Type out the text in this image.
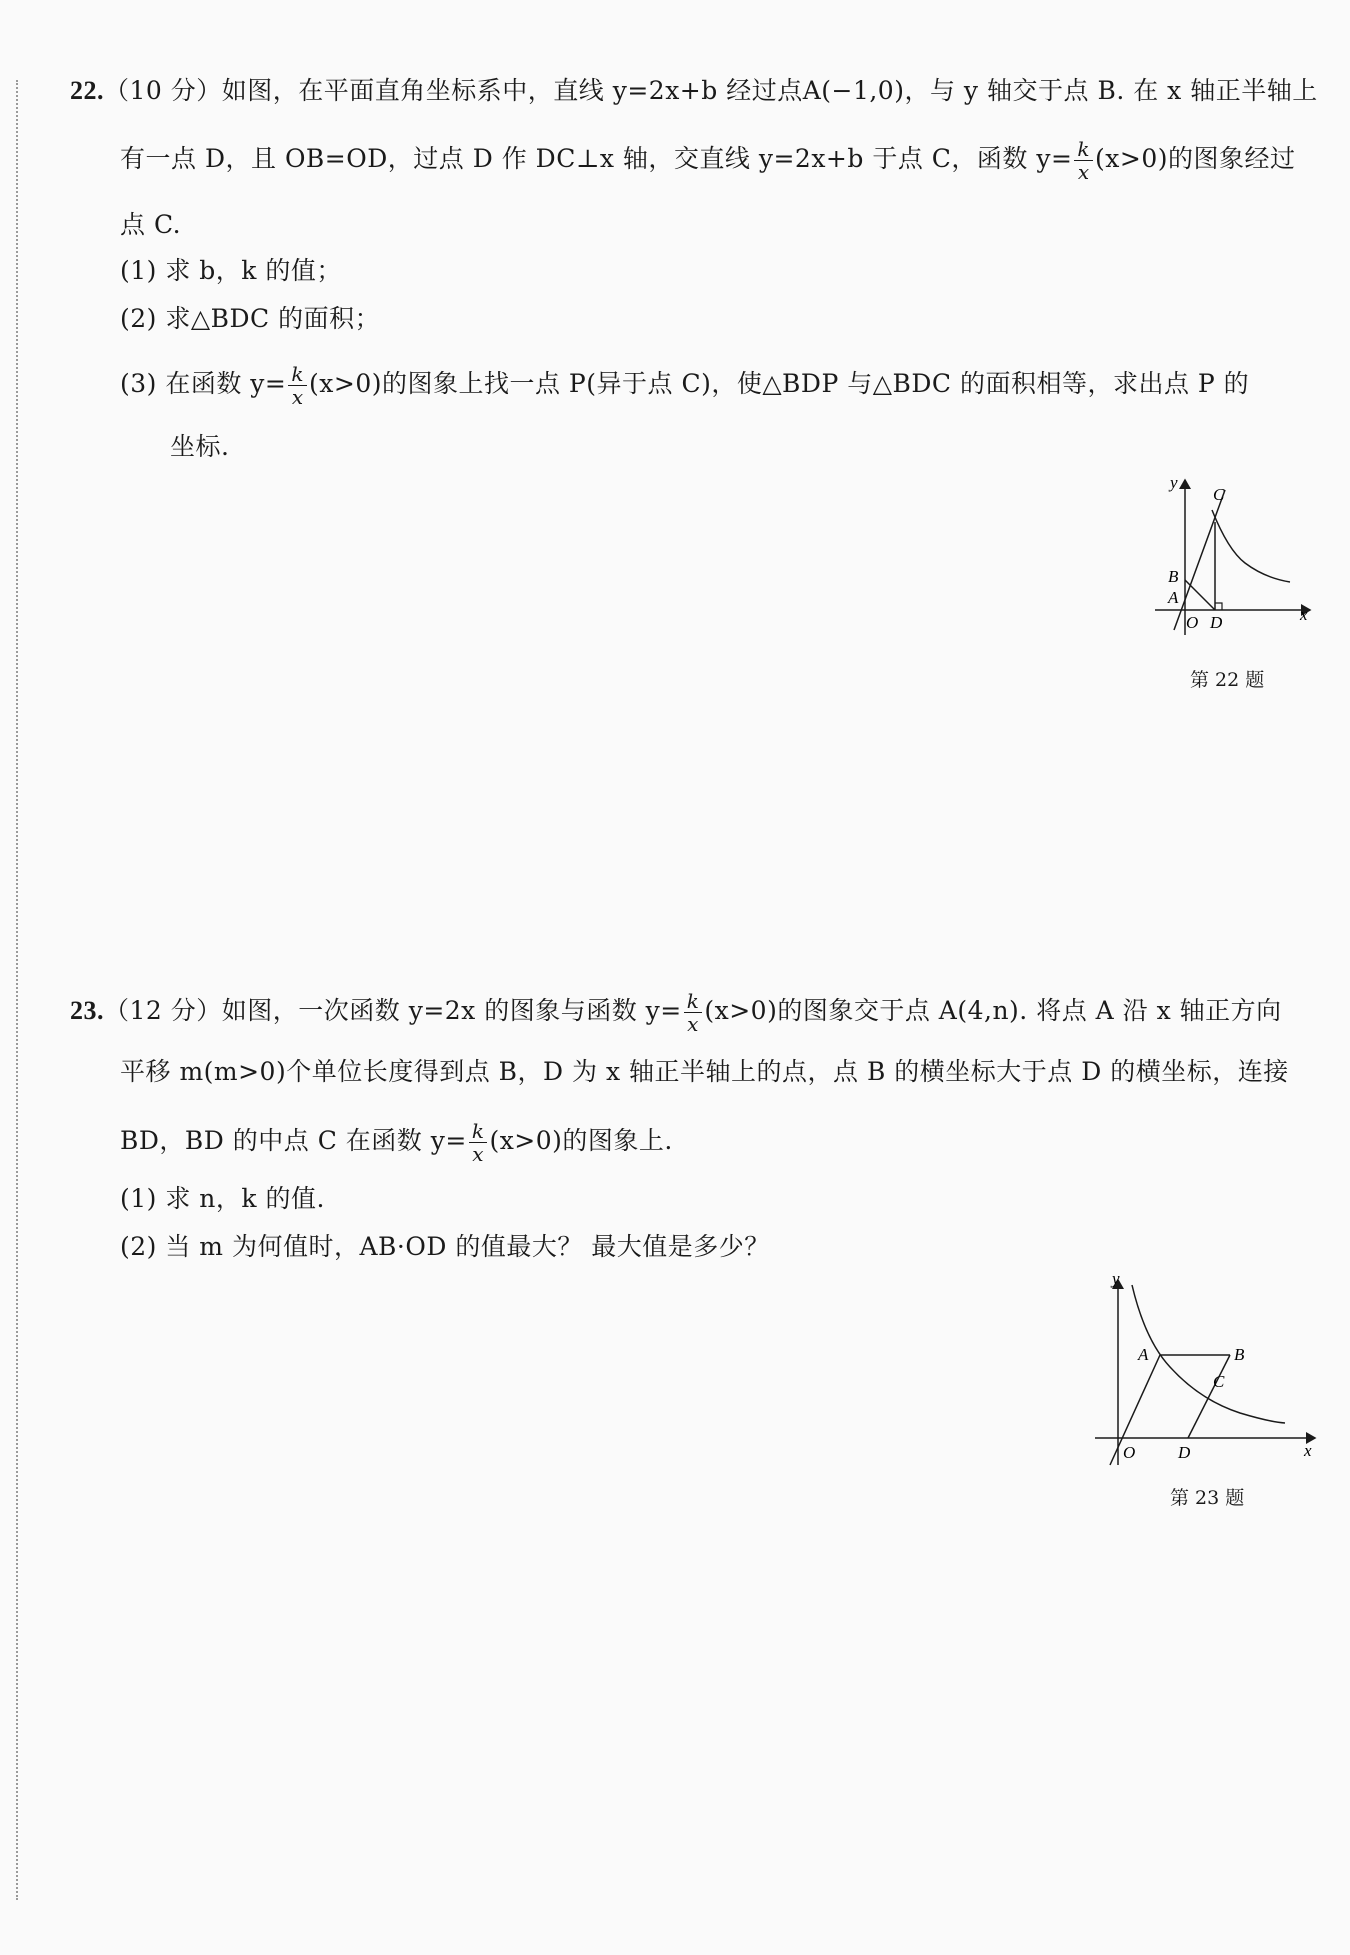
22.（10 分）如图，在平面直角坐标系中，直线 y=2x+b 经过点A(−1,0)，与 y 轴交于点 B. 在 x 轴正半轴上
有一点 D，且 OB=OD，过点 D 作 DC⊥x 轴，交直线 y=2x+b 于点 C，函数 $y= \frac{k}{x} (x>0)$的图象经过
点 C.
(1) 求 b，k 的值；
(2) 求△BDC 的面积；
(3) 在函数 $y= \frac{k}{x} (x>0)$的图象上找一点 P(异于点 C)，使△BDP 与△BDC 的面积相等，求出点 P 的
坐标.
y
x
O
A
B
C
D
第 22 题
23.（12 分）如图，一次函数 y=2x 的图象与函数 $y= \frac{k}{x} (x>0)$的图象交于点 A(4,n). 将点 A 沿 x 轴正方向
平移 m(m>0)个单位长度得到点 B，D 为 x 轴正半轴上的点，点 B 的横坐标大于点 D 的横坐标，连接
BD，BD 的中点 C 在函数 $y= \frac{k}{x} (x>0)$的图象上.
(1) 求 n，k 的值.
(2) 当 m 为何值时，AB·OD 的值最大？ 最大值是多少？
y
x
O
A	B
C
D
第 23 题
